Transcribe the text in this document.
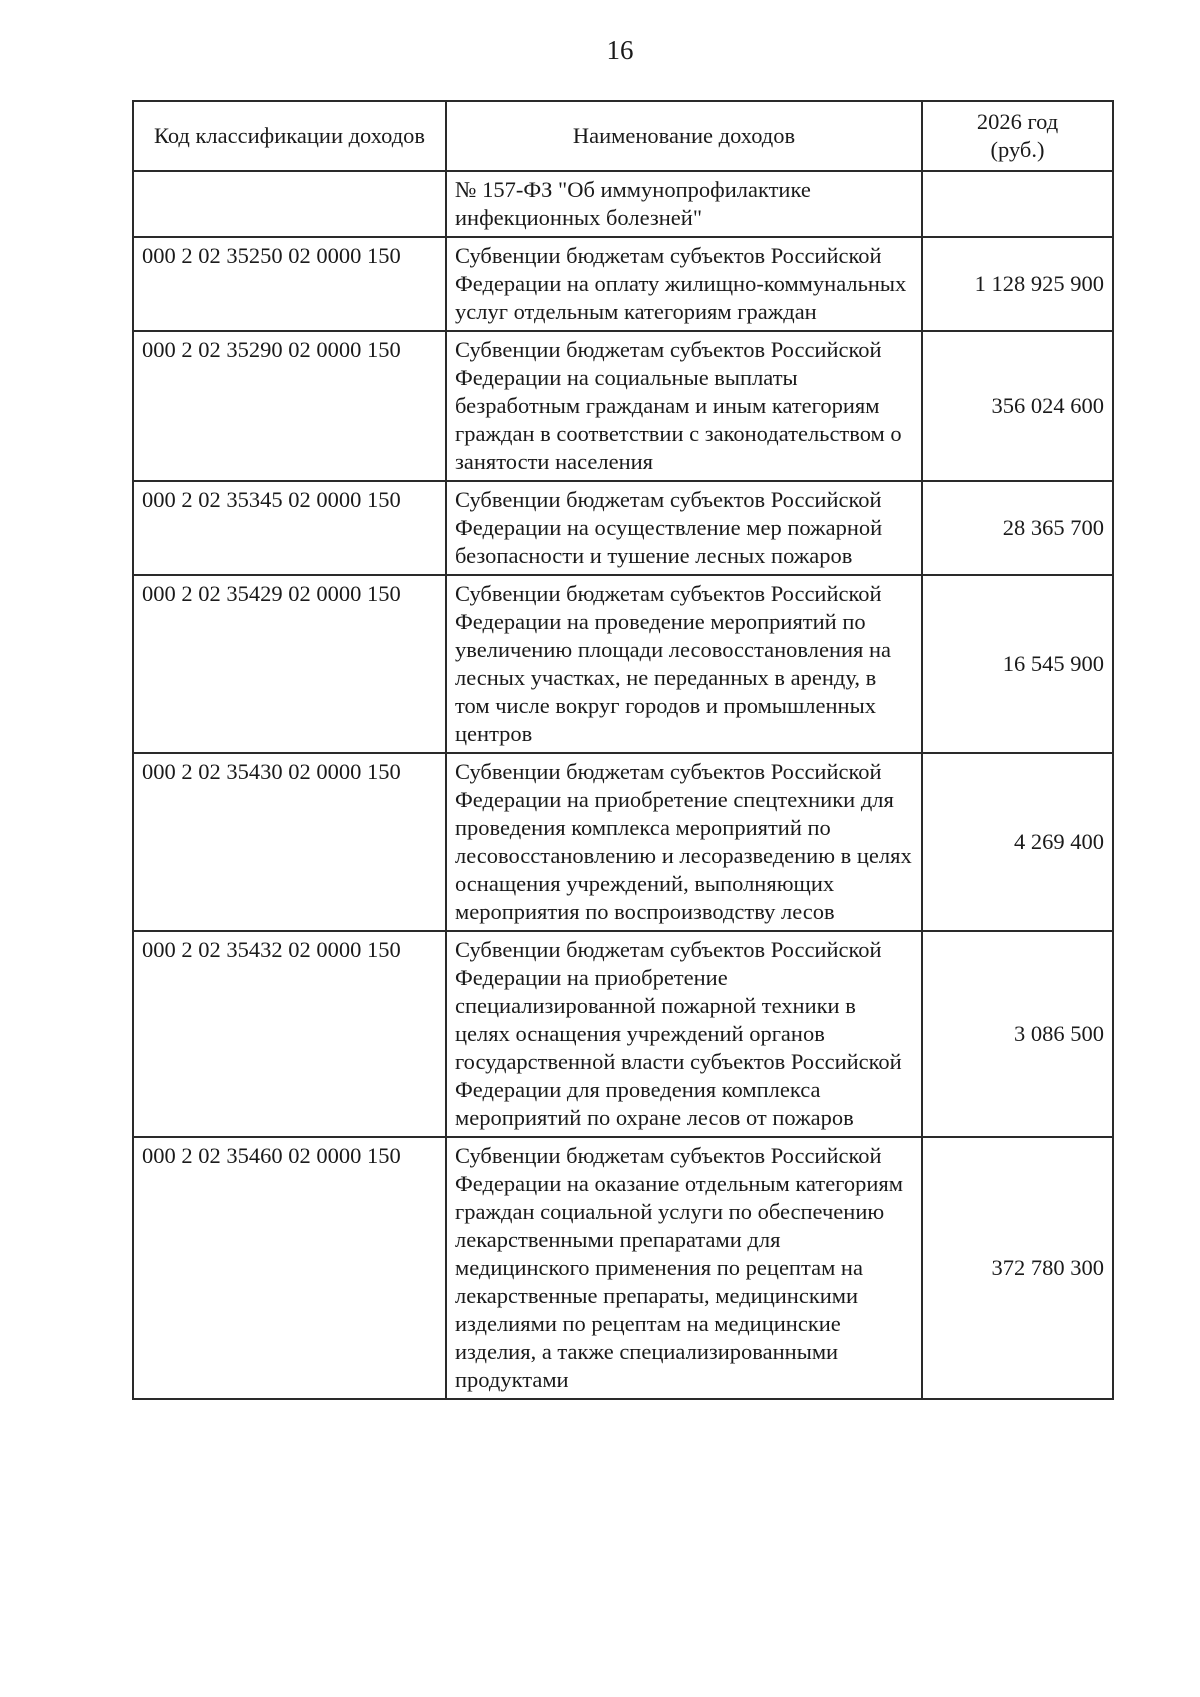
16
Код классификации доходов	Наименование доходов	2026 год
(руб.)
	№ 157-ФЗ "Об иммунопрофилактике инфекционных болезней"	
000 2 02 35250 02 0000 150	Субвенции бюджетам субъектов Российской Федерации на оплату жилищно-коммунальных услуг отдельным категориям граждан	1 128 925 900
000 2 02 35290 02 0000 150	Субвенции бюджетам субъектов Российской Федерации на социальные выплаты безработным гражданам и иным категориям граждан в соответствии с законодательством о занятости населения	356 024 600
000 2 02 35345 02 0000 150	Субвенции бюджетам субъектов Российской Федерации на осуществление мер пожарной безопасности и тушение лесных пожаров	28 365 700
000 2 02 35429 02 0000 150	Субвенции бюджетам субъектов Российской Федерации на проведение мероприятий по увеличению площади лесовосстановления на лесных участках, не переданных в аренду, в том числе вокруг городов и промышленных центров	16 545 900
000 2 02 35430 02 0000 150	Субвенции бюджетам субъектов Российской Федерации на приобретение спецтехники для проведения комплекса мероприятий по лесовосстановлению и лесоразведению в целях оснащения учреждений, выполняющих мероприятия по воспроизводству лесов	4 269 400
000 2 02 35432 02 0000 150	Субвенции бюджетам субъектов Российской Федерации на приобретение специализированной пожарной техники в целях оснащения учреждений органов государственной власти субъектов Российской Федерации для проведения комплекса мероприятий по охране лесов от пожаров	3 086 500
000 2 02 35460 02 0000 150	Субвенции бюджетам субъектов Российской Федерации на оказание отдельным категориям граждан социальной услуги по обеспечению лекарственными препаратами для медицинского применения по рецептам на лекарственные препараты, медицинскими изделиями по рецептам на медицинские изделия, а также специализированными продуктами	372 780 300
